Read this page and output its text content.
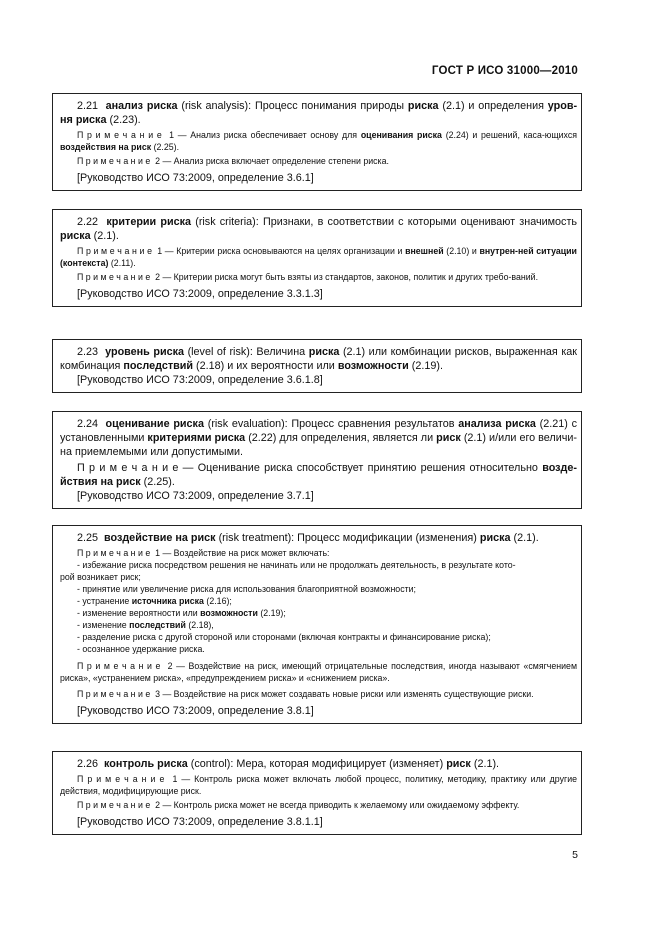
ГОСТ Р ИСО 31000—2010

2.21 анализ риска (risk analysis): Процесс понимания природы риска (2.1) и определения уров-ня риска (2.23).

П р и м е ч а н и е 1 — Анализ риска обеспечивает основу для оценивания риска (2.24) и решений, каса-ющихся воздействия на риск (2.25).

П р и м е ч а н и е 2 — Анализ риска включает определение степени риска.

[Руководство ИСО 73:2009, определение 3.6.1]

2.22 критерии риска (risk criteria): Признаки, в соответствии с которыми оценивают значимость риска (2.1).

П р и м е ч а н и е 1 — Критерии риска основываются на целях организации и внешней (2.10) и внутрен-ней ситуации (контекста) (2.11).

П р и м е ч а н и е 2 — Критерии риска могут быть взяты из стандартов, законов, политик и других требо-ваний.

[Руководство ИСО 73:2009, определение 3.3.1.3]

2.23 уровень риска (level of risk): Величина риска (2.1) или комбинации рисков, выраженная как комбинация последствий (2.18) и их вероятности или возможности (2.19).

[Руководство ИСО 73:2009, определение 3.6.1.8]

2.24 оценивание риска (risk evaluation): Процесс сравнения результатов анализа риска (2.21) с установленными критериями риска (2.22) для определения, является ли риск (2.1) и/или его величи-на приемлемыми или допустимыми.

П р и м е ч а н и е — Оценивание риска способствует принятию решения относительно возде-йствия на риск (2.25).

[Руководство ИСО 73:2009, определение 3.7.1]

2.25 воздействие на риск (risk treatment): Процесс модификации (изменения) риска (2.1).

П р и м е ч а н и е 1 — Воздействие на риск может включать:

- избежание риска посредством решения не начинать или не продолжать деятельность, в результате кото-

рой возникает риск;

- принятие или увеличение риска для использования благоприятной возможности;

- устранение источника риска (2.16);

- изменение вероятности или возможности (2.19);

- изменение последствий (2.18),

- разделение риска с другой стороной или сторонами (включая контракты и финансирование риска);

- осознанное удержание риска.

П р и м е ч а н и е 2 — Воздействие на риск, имеющий отрицательные последствия, иногда называют «смягчением риска», «устранением риска», «предупреждением риска» и «снижением риска».

П р и м е ч а н и е 3 — Воздействие на риск может создавать новые риски или изменять существующие риски.

[Руководство ИСО 73:2009, определение 3.8.1]

2.26 контроль риска (control): Мера, которая модифицирует (изменяет) риск (2.1).

П р и м е ч а н и е 1 — Контроль риска может включать любой процесс, политику, методику, практику или другие действия, модифицирующие риск.

П р и м е ч а н и е 2 — Контроль риска может не всегда приводить к желаемому или ожидаемому эффекту.

[Руководство ИСО 73:2009, определение 3.8.1.1]

5
